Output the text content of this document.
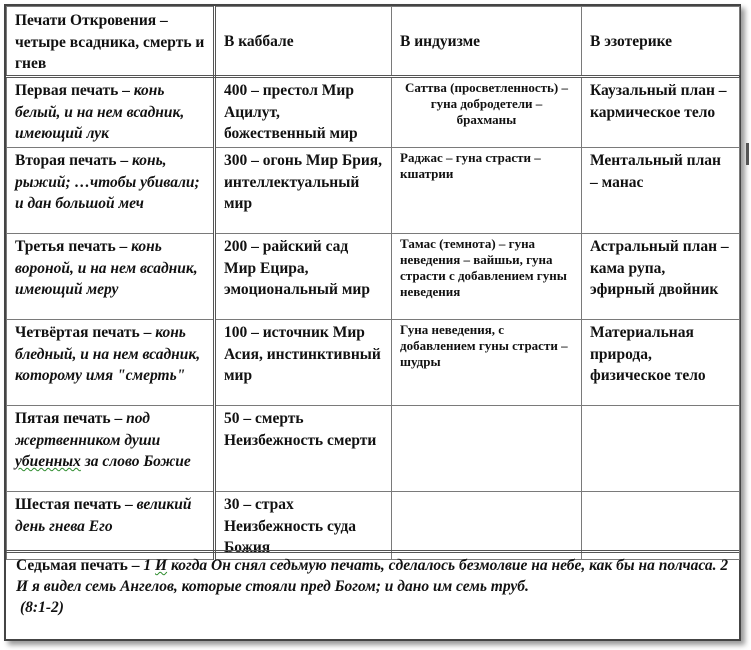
Печати Откровения – четыре всадника, смерть и гнев	В каббале	В индуизме	В эзотерике
Первая печать – конь белый, и на нем всадник, имеющий лук	400 – престол Мир Ацилут, божественный мир	Саттва (просветленность) – гуна добродетели – брахманы	Каузальный план – кармическое тело
Вторая печать – конь, рыжий; …чтобы убивали; и дан большой меч	300 – огонь Мир Брия, интеллектуальный мир	Раджас – гуна страсти – кшатрии	Ментальный план – манас
Третья печать – конь вороной, и на нем всадник, имеющий меру	200 – райский сад Мир Ецира, эмоциональный мир	Тамас (темнота) – гуна неведения – вайшьи, гуна страсти с добавлением гуны неведения	Астральный план – кама рупа, эфирный двойник
Четвёртая печать – конь бледный, и на нем всадник, которому имя "смерть"	100 – источник Мир Асия, инстинктивный мир	Гуна неведения, с добавлением гуны страсти – шудры	Материальная природа, физическое тело
Пятая печать – под жертвенником души убиенных за слово Божие	50 – смерть Неизбежность смерти		
Шестая печать – великий день гнева Его	30 – страх Неизбежность суда Божия		
Седьмая печать – 1 И когда Он снял седьмую печать, сделалось безмолвие на небе, как бы на полчаса. 2 И я видел семь Ангелов, которые стояли пред Богом; и дано им семь труб.
(8:1-2)
